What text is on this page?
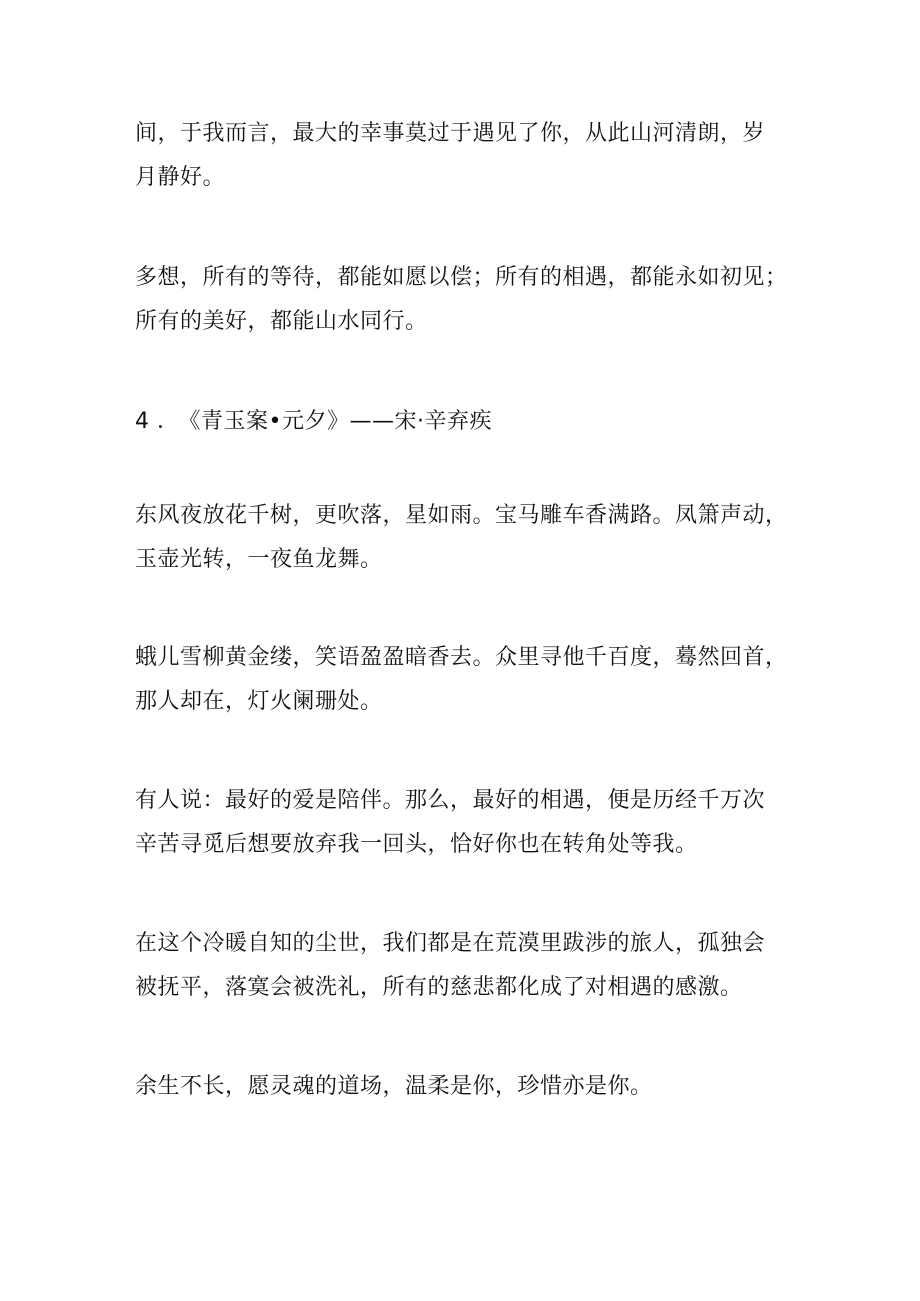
间，于我而言，最大的幸事莫过于遇见了你，从此山河清朗，岁
月静好。

多想，所有的等待，都能如愿以偿；所有的相遇，都能永如初见；
所有的美好，都能山水同行。

4 ． 《青玉案•元夕》——宋·辛弃疾

东风夜放花千树，更吹落，星如雨。宝马雕车香满路。凤箫声动，
玉壶光转，一夜鱼龙舞。

蛾儿雪柳黄金缕，笑语盈盈暗香去。众里寻他千百度，蓦然回首，
那人却在，灯火阑珊处。

有人说：最好的爱是陪伴。那么，最好的相遇，便是历经千万次
辛苦寻觅后想要放弃我一回头，恰好你也在转角处等我。

在这个冷暖自知的尘世，我们都是在荒漠里跋涉的旅人，孤独会
被抚平，落寞会被洗礼，所有的慈悲都化成了对相遇的感激。

余生不长，愿灵魂的道场，温柔是你，珍惜亦是你。
